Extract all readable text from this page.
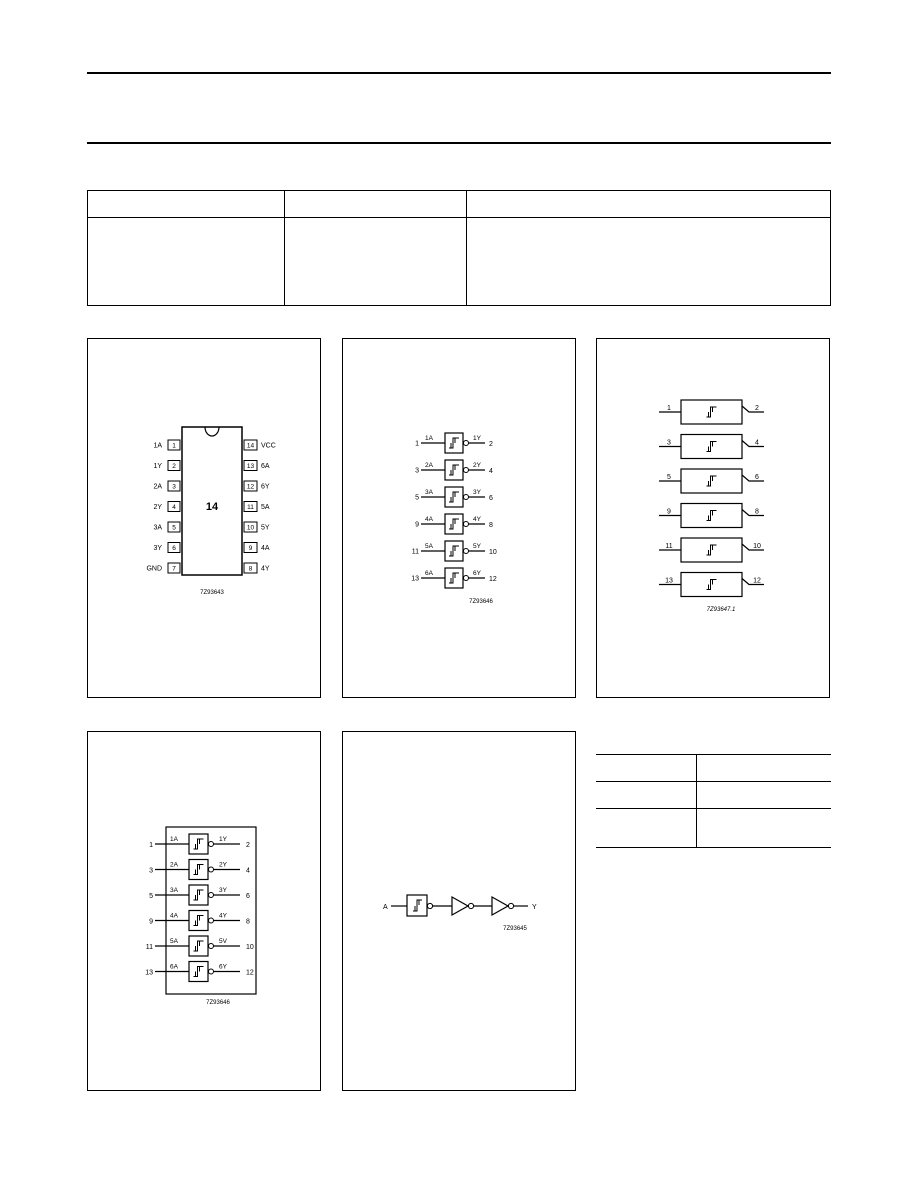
14
7Z93643
1A 1
1Y 2
2A 3
2Y 4
3A 5
3Y 6
GND 7
14 VCC
13 6A
12 6Y
11 5A
10 5Y
9 4A
8 4Y
1
1A	1Y
2
3
2A	2Y
4
5
3A	3Y
6
9
4A	4Y
8
11
5A	5Y
10
13
6A	6Y
12
7Z93646
1	2
3	4
5	6
9	8
11	10
13	12
7Z93647.1
1
1A	1Y
2
3
2A	2Y
4
5
3A	3Y
6
9
4A	4Y
8
11
5A	5V
10
13
6A	6Y
12
7Z93646
A	Y
7Z93645
